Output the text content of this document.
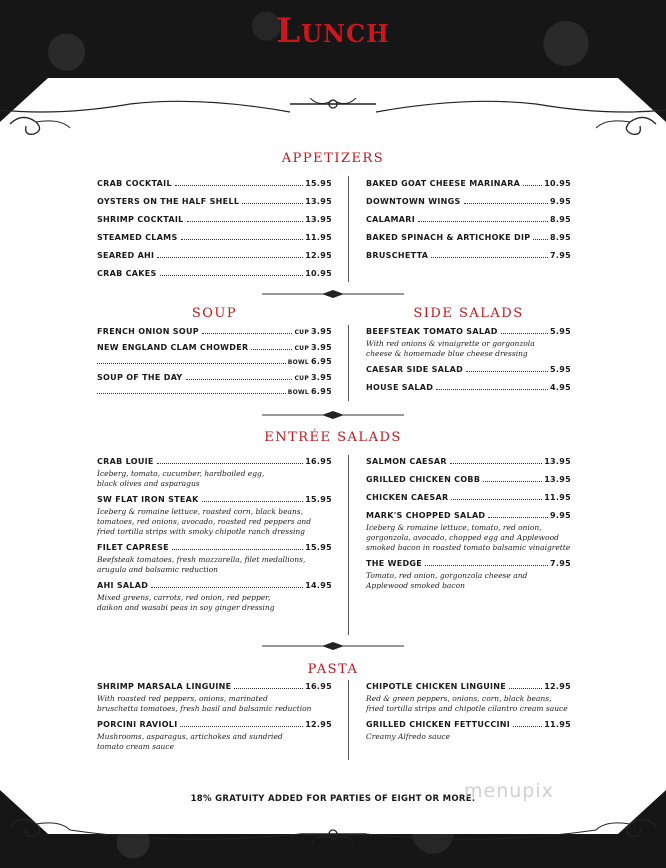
Lunch
APPETIZERS
CRAB COCKTAIL	15.95
OYSTERS ON THE HALF SHELL	13.95
SHRIMP COCKTAIL	13.95
STEAMED CLAMS	11.95
SEARED AHI	12.95
CRAB CAKES	10.95
BAKED GOAT CHEESE MARINARA	10.95
DOWNTOWN WINGS	9.95
CALAMARI	8.95
BAKED SPINACH & ARTICHOKE DIP 8.95
BRUSCHETTA	7.95
SOUP
FRENCH ONION SOUP	CUP 3.95
NEW ENGLAND CLAM CHOWDER	CUP 3.95
BOWL 6.95
SOUP OF THE DAY	CUP 3.95
BOWL 6.95
SIDE SALADS
BEEFSTEAK TOMATO SALAD	5.95
With red onions & vinaigrette or gorgonzola
cheese & homemade blue cheese dressing
CAESAR SIDE SALAD	5.95
HOUSE SALAD	4.95
ENTRÉE SALADS
CRAB LOUIE	16.95
Iceberg, tomato, cucumber, hardboiled egg,
black olives and asparagus
SW FLAT IRON STEAK	15.95
Iceberg & romaine lettuce, roasted corn, black beans,
tomatoes, red onions, avocado, roasted red peppers and
fried tortilla strips with smoky chipotle ranch dressing
FILET CAPRESE	15.95
Beefsteak tomatoes, fresh mozzarella, filet medallions,
arugula and balsamic reduction
AHI SALAD	14.95
Mixed greens, carrots, red onion, red pepper,
daikon and wasabi peas in soy ginger dressing
SALMON CAESAR	13.95
GRILLED CHICKEN COBB	13.95
CHICKEN CAESAR	11.95
MARK'S CHOPPED SALAD	9.95
Iceberg & romaine lettuce, tomato, red onion,
gorgonzola, avocado, chopped egg and Applewood
smoked bacon in roasted tomato balsamic vinaigrette
THE WEDGE	7.95
Tomato, red onion, gorgonzola cheese and
Applewood smoked bacon
PASTA
SHRIMP MARSALA LINGUINE	16.95
With roasted red peppers, onions, marinated
bruschetta tomatoes, fresh basil and balsamic reduction
PORCINI RAVIOLI	12.95
Mushrooms, asparagus, artichokes and sundried
tomato cream sauce
CHIPOTLE CHICKEN LINGUINE	12.95
Red & green peppers, onions, corn, black beans,
fried tortilla strips and chipotle cilantro cream sauce
GRILLED CHICKEN FETTUCCINI	11.95
Creamy Alfredo sauce
18% GRATUITY ADDED FOR PARTIES OF EIGHT OR MORE.
menupix
